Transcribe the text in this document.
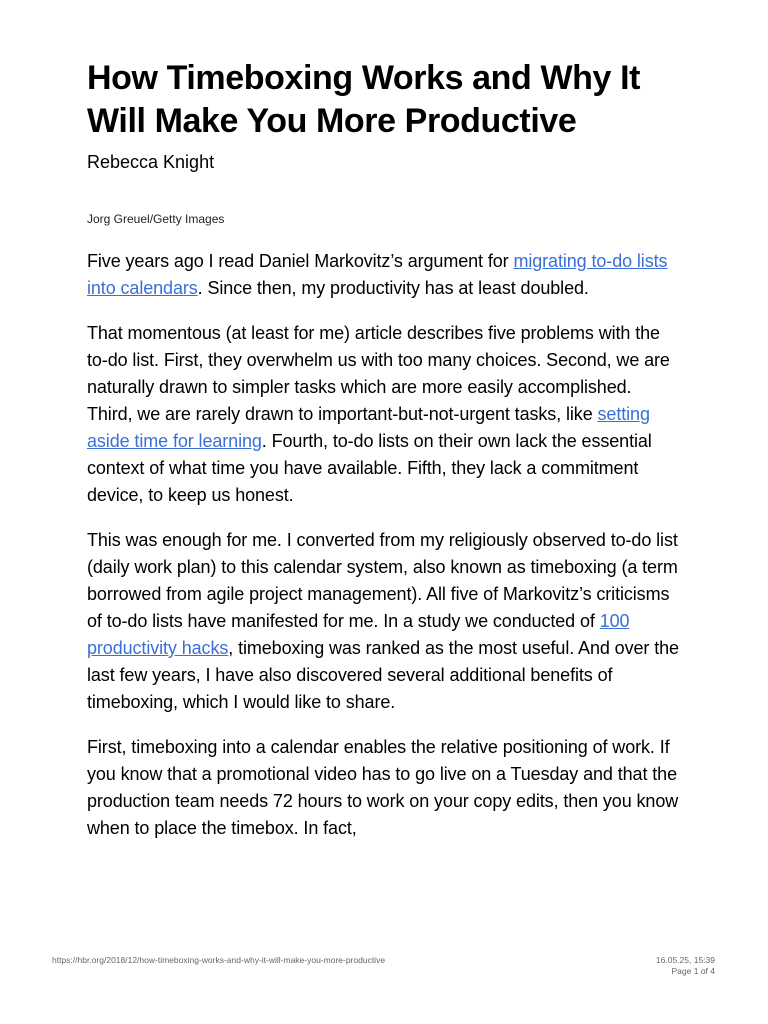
How Timeboxing Works and Why It Will Make You More Productive
Rebecca Knight
Jorg Greuel/Getty Images

Five years ago I read Daniel Markovitz’s argument for migrating to-do lists into calendars. Since then, my productivity has at least doubled.

That momentous (at least for me) article describes five problems with the to-do list. First, they overwhelm us with too many choices. Second, we are naturally drawn to simpler tasks which are more easily accomplished. Third, we are rarely drawn to important-but-not-urgent tasks, like setting aside time for learning. Fourth, to-do lists on their own lack the essential context of what time you have available. Fifth, they lack a commitment device, to keep us honest.

This was enough for me. I converted from my religiously observed to-do list (daily work plan) to this calendar system, also known as timeboxing (a term borrowed from agile project management). All five of Markovitz’s criticisms of to-do lists have manifested for me. In a study we conducted of 100 productivity hacks, timeboxing was ranked as the most useful. And over the last few years, I have also discovered several additional benefits of timeboxing, which I would like to share.

First, timeboxing into a calendar enables the relative positioning of work. If you know that a promotional video has to go live on a Tuesday and that the production team needs 72 hours to work on your copy edits, then you know when to place the timebox. In fact,

https://hbr.org/2018/12/how-timeboxing-works-and-why-it-will-make-you-more-productive	16.05.25, 15:39
Page 1 of 4
